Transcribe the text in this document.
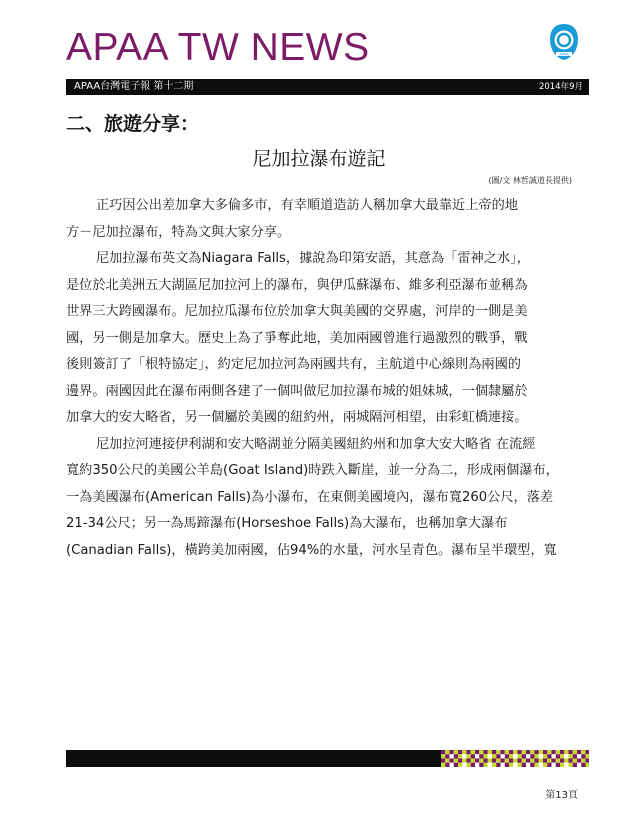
APAA TW NEWS	APAA
APAA台灣電子報 第十二期	2014年9月
二、旅遊分享：
尼加拉瀑布遊記
(圖/文 林哲誠道長提供)

正巧因公出差加拿大多倫多市，有幸順道造訪人稱加拿大最靠近上帝的地
方－尼加拉瀑布，特為文與大家分享。

尼加拉瀑布英文為Niagara Falls，據說為印第安語，其意為「雷神之水」，
是位於北美洲五大湖區尼加拉河上的瀑布，與伊瓜蘇瀑布、維多利亞瀑布並稱為
世界三大跨國瀑布。尼加拉瓜瀑布位於加拿大與美國的交界處，河岸的一側是美
國，另一側是加拿大。歷史上為了爭奪此地，美加兩國曾進行過激烈的戰爭，戰
後則簽訂了「根特協定」，約定尼加拉河為兩國共有，主航道中心線則為兩國的
邊界。兩國因此在瀑布兩側各建了一個叫做尼加拉瀑布城的姐妹城，一個隸屬於
加拿大的安大略省，另一個屬於美國的紐約州，兩城隔河相望，由彩虹橋連接。

尼加拉河連接伊利湖和安大略湖並分隔美國紐約州和加拿大安大略省 在流經
寬約350公尺的美國公羊島(Goat Island)時跌入斷崖，並一分為二，形成兩個瀑布，
一為美國瀑布(American Falls)為小瀑布，在東側美國境內，瀑布寬260公尺，落差
21-34公尺；另一為馬蹄瀑布(Horseshoe Falls)為大瀑布，也稱加拿大瀑布
(Canadian Falls)，橫跨美加兩國，佔94%的水量，河水呈青色。瀑布呈半環型，寬

第13頁
